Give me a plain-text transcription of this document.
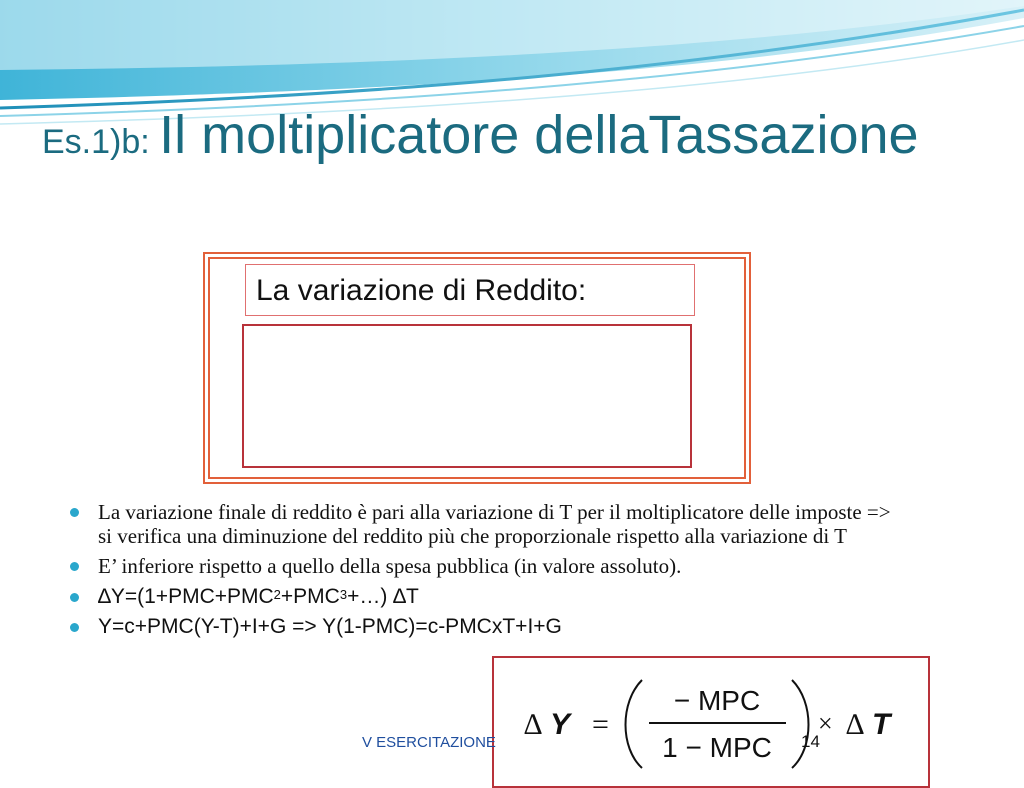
Es.1)b: Il moltiplicatore dellaTassazione
La variazione di Reddito:
∆ Y =
− MPC
1 − MPC
× ∆ T
La variazione finale di reddito è pari alla variazione di T per il moltiplicatore delle imposte => si verifica una diminuzione del reddito più che proporzionale rispetto alla variazione di T
E’ inferiore rispetto a quello della spesa pubblica (in valore assoluto).
$\Delta Y=(1+PMC+PMC^2+PMC^3+\dots)$ ∆T
Y=c+PMC(Y-T)+I+G => Y(1-PMC)=c-PMCxT+I+G
V ESERCITAZIONE	14
